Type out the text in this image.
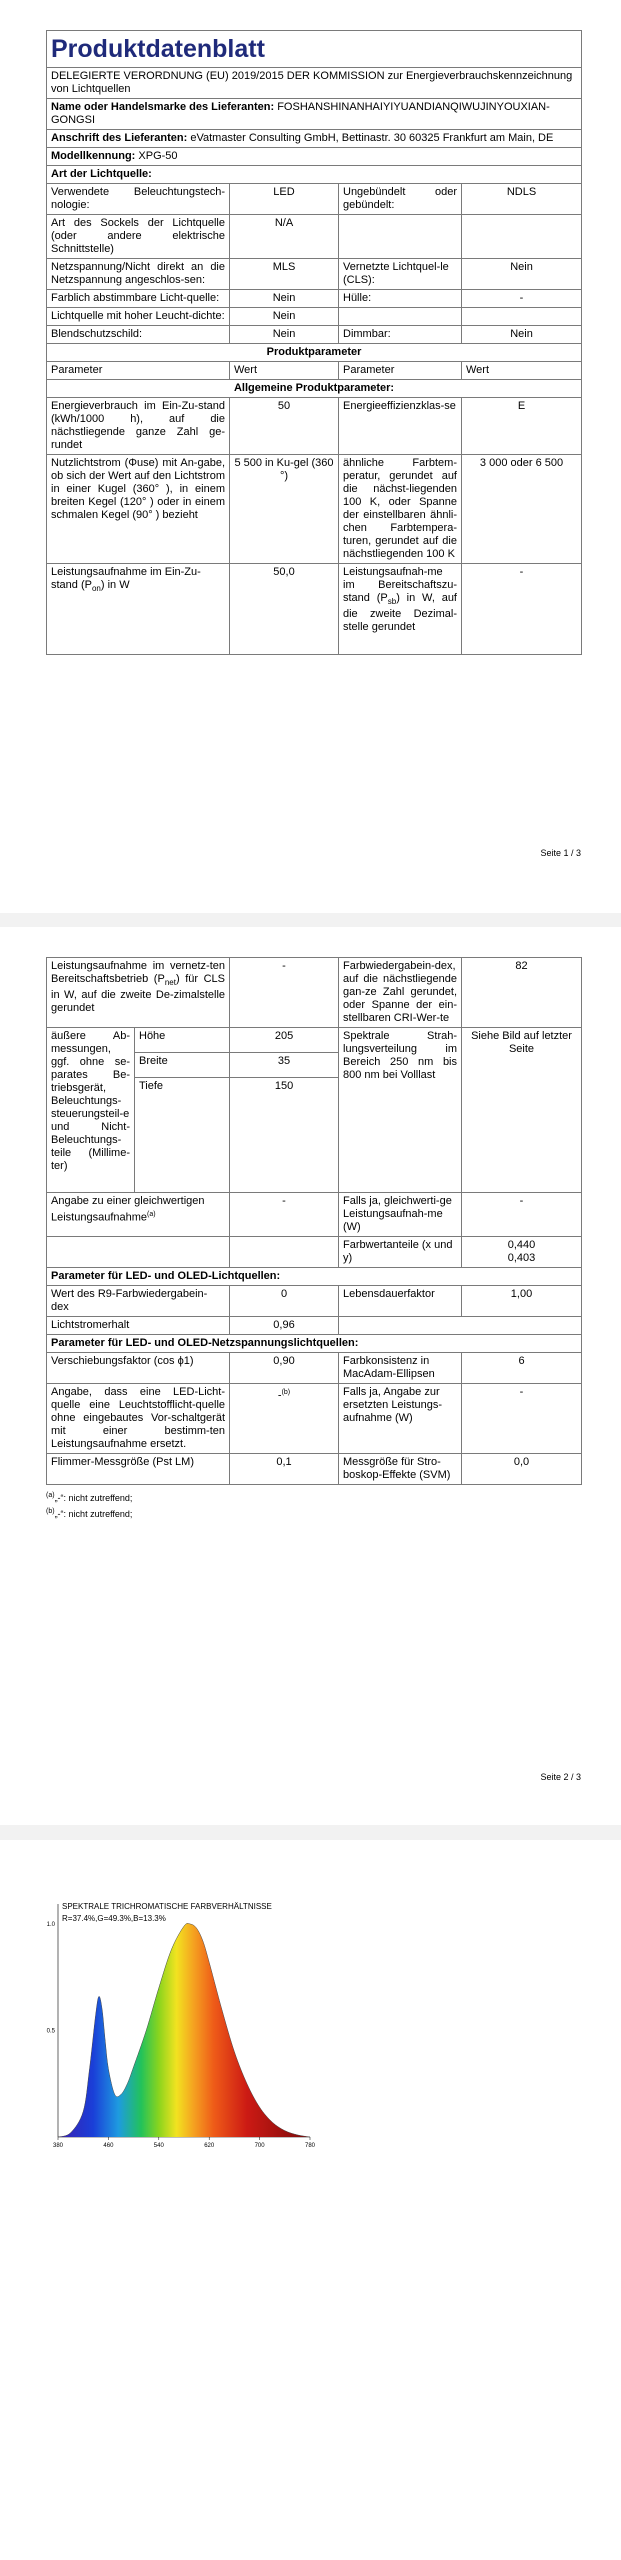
Produktdatenblatt			
DELEGIERTE VERORDNUNG (EU) 2019/2015 DER KOMMISSION zur Energieverbrauchskennzeichnung von Lichtquellen			
Name oder Handelsmarke des Lieferanten: FOSHANSHINANHAIYIYUANDIANQIWUJINYOUXIAN-GONGSI			
Anschrift des Lieferanten: eVatmaster Consulting GmbH, Bettinastr. 30 60325 Frankfurt am Main, DE			
Modellkennung: XPG-50			
Art der Lichtquelle:			
Verwendete Beleuchtungstech-nologie:	LED	Ungebündelt oder gebündelt:	NDLS
Art des Sockels der Lichtquelle (oder andere elektrische Schnittstelle)	N/A		
Netzspannung/Nicht direkt an die Netzspannung angeschlos-sen:	MLS	Vernetzte Lichtquel-le (CLS):	Nein
Farblich abstimmbare Licht-quelle:	Nein	Hülle:	-
Lichtquelle mit hoher Leucht-dichte:	Nein		
Blendschutzschild:	Nein	Dimmbar:	Nein
Produktparameter			
Parameter	Wert	Parameter	Wert
Allgemeine Produktparameter:			
Energieverbrauch im Ein-Zu-stand (kWh/1000 h), auf die nächstliegende ganze Zahl ge-rundet	50	Energieeffizienzklas-se	E
Nutzlichtstrom (Φuse) mit An-gabe, ob sich der Wert auf den Lichtstrom in einer Kugel (360° ), in einem breiten Kegel (120° ) oder in einem schmalen Kegel (90° ) bezieht	5 500 in Ku-gel (360 °)	ähnliche Farbtem-peratur, gerundet auf die nächst-liegenden 100 K, oder Spanne der einstellbaren ähnli-chen Farbtempera-turen, gerundet auf die nächstliegenden 100 K	3 000 oder 6 500
Leistungsaufnahme im Ein-Zu-stand $(P_{on})$ in W	50,0	Leistungsaufnah-me im Bereitschaftszu-stand $(P_{sb})$ in W, auf die zweite Dezimal-stelle gerundet	-
Seite 1 / 3
Leistungsaufnahme im vernetz-ten Bereitschaftsbetrieb $(P_{net})$ für CLS in W, auf die zweite De-zimalstelle gerundet		-	Farbwiedergabein-dex, auf die nächstliegende gan-ze Zahl gerundet, oder Spanne der ein-stellbaren CRI-Wer-te	82
äußere Ab-messungen, ggf. ohne se-parates Be-triebsgerät, Beleuchtungs-steuerungsteil-e und Nicht-Beleuchtungs-teile (Millime-ter)	Höhe	205	Spektrale Strah-lungsverteilung im Bereich 250 nm bis 800 nm bei Volllast	Siehe Bild auf letzter Seite
	Breite	35		
	Tiefe	150		
Angabe zu einer gleichwertigen Leistungsaufnahme$^{(a)}$		-	Falls ja, gleichwerti-ge Leistungsaufnah-me (W)	-
			Farbwertanteile (x und y)	0,440
0,403

Parameter für LED- und OLED-Lichtquellen:				
Wert des R9-Farbwiedergabein-dex		0	Lebensdauerfaktor	1,00
Lichtstromerhalt		0,96		
Parameter für LED- und OLED-Netzspannungslichtquellen:				
Verschiebungsfaktor (cos ϕ1)		0,90	Farbkonsistenz in MacAdam-Ellipsen	6
Angabe, dass eine LED-Licht-quelle eine Leuchtstofflicht-quelle ohne eingebautes Vor-schaltgerät mit einer bestimm-ten Leistungsaufnahme ersetzt.		-$^{(b)}$	Falls ja, Angabe zur ersetzten Leistungs-aufnahme (W)	-
Flimmer-Messgröße (Pst LM)		0,1	Messgröße für Stro-boskop-Effekte (SVM)	0,0
$^{(a)}$„-“: nicht zutreffend;
$^{(b)}$„-“: nicht zutreffend;
Seite 2 / 3
SPEKTRALE TRICHROMATISCHE FARBVERHÄLTNISSE
R=37.4%,G=49.3%,B=13.3%
380	460	540	620	700	780
1.0
0.5
